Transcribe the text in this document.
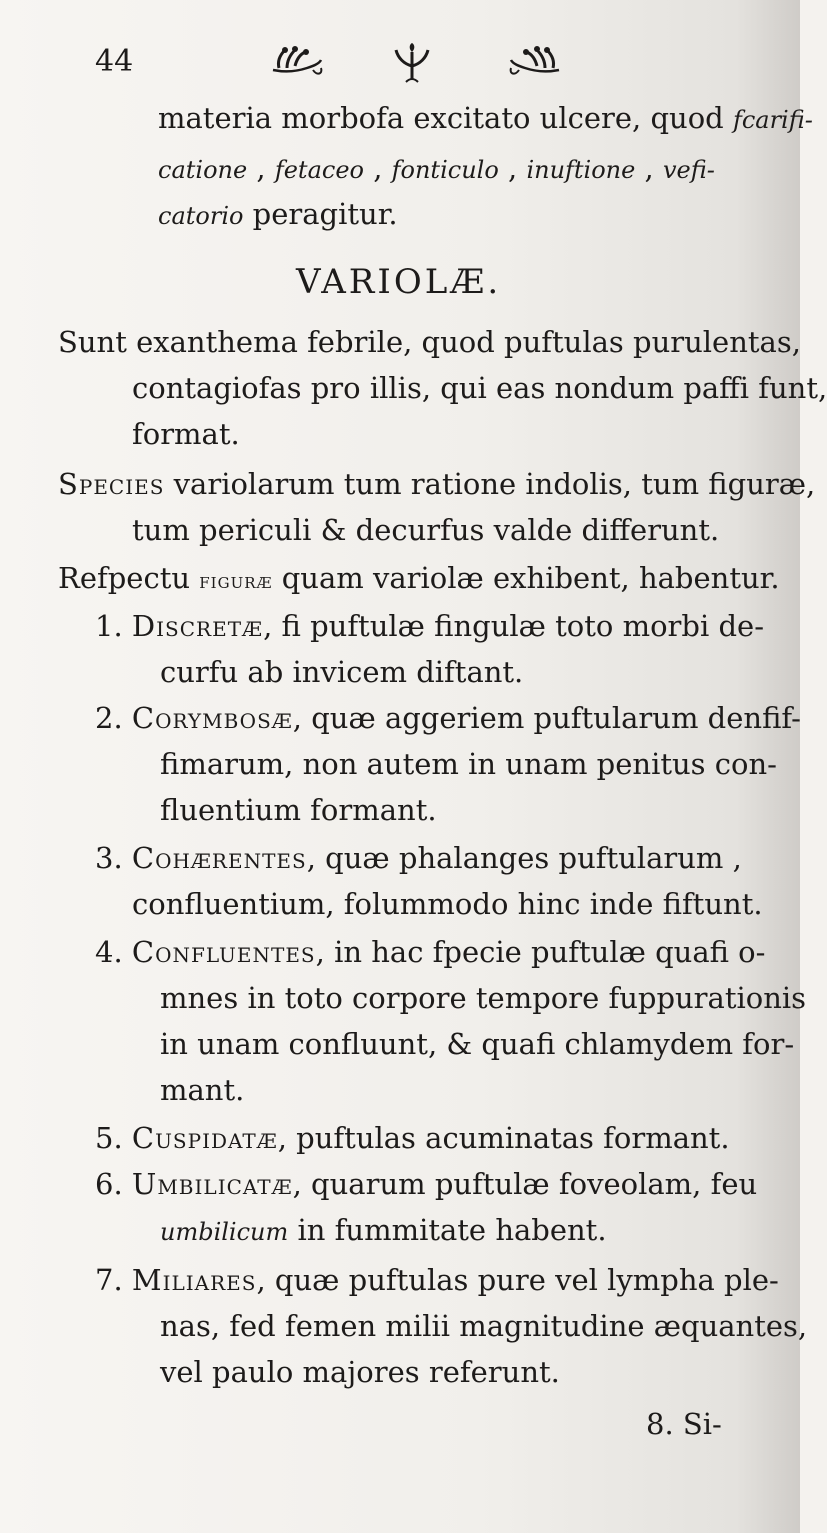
44
materia morbofa excitato ulcere, quod fcarifi-
catione , fetaceo , fonticulo , inuftione , vefi-
catorio peragitur.
VARIOLÆ.
Sunt exanthema febrile, quod puftulas purulentas,
contagiofas pro illis, qui eas nondum paffi funt,
format.
Species variolarum tum ratione indolis, tum figuræ,
tum periculi & decurfus valde differunt.
Refpectu figuræ quam variolæ exhibent, habentur.
1. Discretæ, fi puftulæ fingulæ toto morbi de-
curfu ab invicem diftant.
2. Corymbosæ, quæ aggeriem puftularum denfif-
fimarum, non autem in unam penitus con-
fluentium formant.
3. Cohærentes, quæ phalanges puftularum ,
confluentium, folummodo hinc inde fiftunt.
4. Confluentes, in hac fpecie puftulæ quafi o-
mnes in toto corpore tempore fuppurationis
in unam confluunt, & quafi chlamydem for-
mant.
5. Cuspidatæ, puftulas acuminatas formant.
6. Umbilicatæ, quarum puftulæ foveolam, feu
umbilicum in fummitate habent.
7. Miliares, quæ puftulas pure vel lympha ple-
nas, fed femen milii magnitudine æquantes,
vel paulo majores referunt.
8. Si-
